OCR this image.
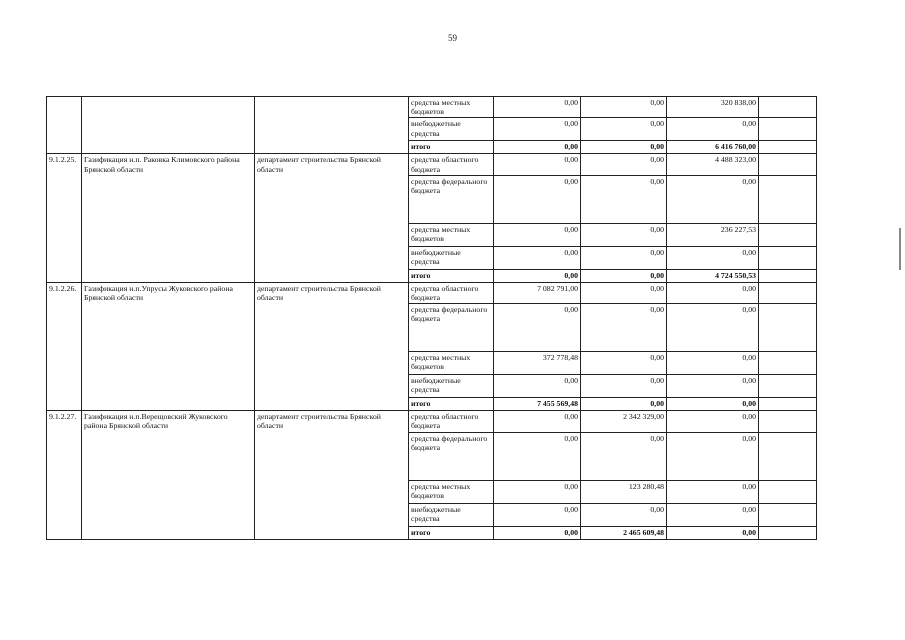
59
			средства местных бюджетов	0,00	0,00	320 838,00	
			внебюджетные средства	0,00	0,00	0,00	
			итого	0,00	0,00	6 416 760,00	
9.1.2.25.	Газификация н.п. Раковка Климовского района Брянской области	департамент строительства Брянской области	средства областного бюджета	0,00	0,00	4 488 323,00	
			средства федерального бюджета	0,00	0,00	0,00	
			средства местных бюджетов	0,00	0,00	236 227,53	
			внебюджетные средства	0,00	0,00	0,00	
			итого	0,00	0,00	4 724 550,53	
9.1.2.26.	Газификация н.п.Упрусы Жуковского района Брянской области	департамент строительства Брянской области	средства областного бюджета	7 082 791,00	0,00	0,00	
			средства федерального бюджета	0,00	0,00	0,00	
			средства местных бюджетов	372 778,48	0,00	0,00	
			внебюджетные средства	0,00	0,00	0,00	
			итого	7 455 569,48	0,00	0,00	
9.1.2.27.	Газификация н.п.Верещовский Жуковского района Брянской области	департамент строительства Брянской области	средства областного бюджета	0,00	2 342 329,00	0,00	
			средства федерального бюджета	0,00	0,00	0,00	
			средства местных бюджетов	0,00	123 280,48	0,00	
			внебюджетные средства	0,00	0,00	0,00	
			итого	0,00	2 465 609,48	0,00	
